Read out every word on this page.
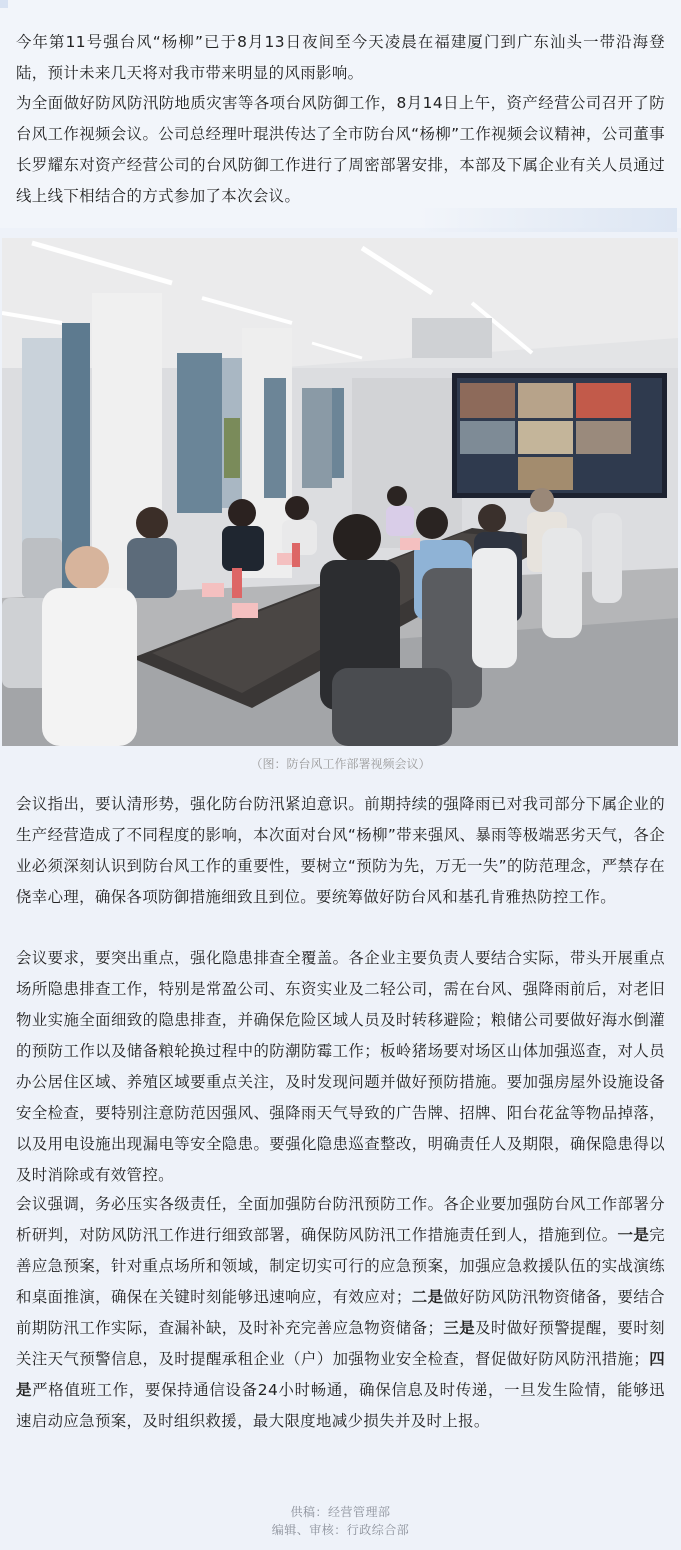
今年第11号强台风“杨柳”已于8月13日夜间至今天凌晨在福建厦门到广东汕头一带沿海登陆，预计未来几天将对我市带来明显的风雨影响。

为全面做好防风防汛防地质灾害等各项台风防御工作，8月14日上午，资产经营公司召开了防台风工作视频会议。公司总经理叶琨洪传达了全市防台风“杨柳”工作视频会议精神，公司董事长罗耀东对资产经营公司的台风防御工作进行了周密部署安排，本部及下属企业有关人员通过线上线下相结合的方式参加了本次会议。

（图：防台风工作部署视频会议）

会议指出，要认清形势，强化防台防汛紧迫意识。前期持续的强降雨已对我司部分下属企业的生产经营造成了不同程度的影响，本次面对台风“杨柳”带来强风、暴雨等极端恶劣天气，各企业必须深刻认识到防台风工作的重要性，要树立“预防为先，万无一失”的防范理念，严禁存在侥幸心理，确保各项防御措施细致且到位。要统筹做好防台风和基孔肯雅热防控工作。

会议要求，要突出重点，强化隐患排查全覆盖。各企业主要负责人要结合实际，带头开展重点场所隐患排查工作，特别是常盈公司、东资实业及二轻公司，需在台风、强降雨前后，对老旧物业实施全面细致的隐患排查，并确保危险区域人员及时转移避险；粮储公司要做好海水倒灌的预防工作以及储备粮轮换过程中的防潮防霉工作；板岭猪场要对场区山体加强巡查，对人员办公居住区域、养殖区域要重点关注，及时发现问题并做好预防措施。要加强房屋外设施设备安全检查，要特别注意防范因强风、强降雨天气导致的广告牌、招牌、阳台花盆等物品掉落，以及用电设施出现漏电等安全隐患。要强化隐患巡查整改，明确责任人及期限，确保隐患得以及时消除或有效管控。

会议强调，务必压实各级责任，全面加强防台防汛预防工作。各企业要加强防台风工作部署分析研判，对防风防汛工作进行细致部署，确保防风防汛工作措施责任到人，措施到位。一是完善应急预案，针对重点场所和领域，制定切实可行的应急预案，加强应急救援队伍的实战演练和桌面推演，确保在关键时刻能够迅速响应，有效应对；二是做好防风防汛物资储备，要结合前期防汛工作实际，查漏补缺，及时补充完善应急物资储备；三是及时做好预警提醒，要时刻关注天气预警信息，及时提醒承租企业（户）加强物业安全检查，督促做好防风防汛措施；四是严格值班工作，要保持通信设备24小时畅通，确保信息及时传递，一旦发生险情，能够迅速启动应急预案，及时组织救援，最大限度地减少损失并及时上报。

供稿：经营管理部
编辑、审核：行政综合部
